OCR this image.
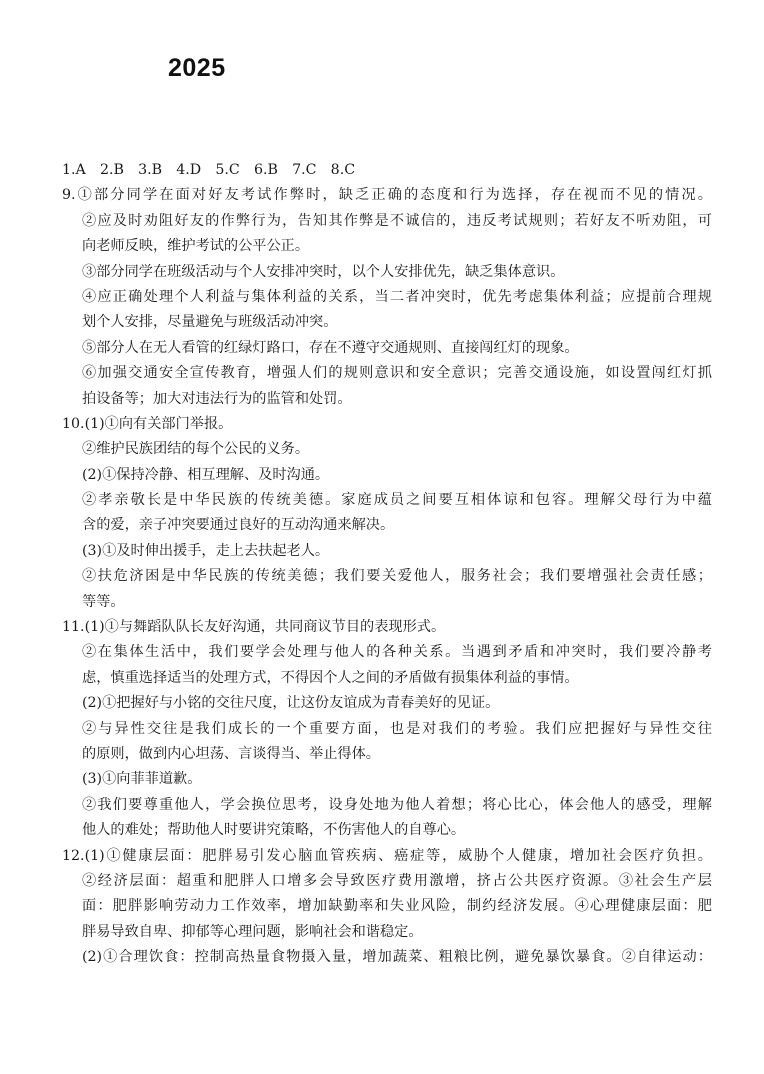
2025
1.A　2.B　3.B　4.D　5.C　6.B　7.C　8.C
9.①部分同学在面对好友考试作弊时，缺乏正确的态度和行为选择，存在视而不见的情况。
②应及时劝阻好友的作弊行为，告知其作弊是不诚信的，违反考试规则；若好友不听劝阻，可
向老师反映，维护考试的公平公正。
③部分同学在班级活动与个人安排冲突时，以个人安排优先，缺乏集体意识。
④应正确处理个人利益与集体利益的关系，当二者冲突时，优先考虑集体利益；应提前合理规
划个人安排，尽量避免与班级活动冲突。
⑤部分人在无人看管的红绿灯路口，存在不遵守交通规则、直接闯红灯的现象。
⑥加强交通安全宣传教育，增强人们的规则意识和安全意识；完善交通设施，如设置闯红灯抓
拍设备等；加大对违法行为的监管和处罚。
10.(1)①向有关部门举报。
②维护民族团结的每个公民的义务。
(2)①保持冷静、相互理解、及时沟通。
②孝亲敬长是中华民族的传统美德。家庭成员之间要互相体谅和包容。理解父母行为中蕴
含的爱，亲子冲突要通过良好的互动沟通来解决。
(3)①及时伸出援手，走上去扶起老人。
②扶危济困是中华民族的传统美德；我们要关爱他人，服务社会；我们要增强社会责任感；
等等。
11.(1)①与舞蹈队队长友好沟通，共同商议节目的表现形式。
②在集体生活中，我们要学会处理与他人的各种关系。当遇到矛盾和冲突时，我们要冷静考
虑，慎重选择适当的处理方式，不得因个人之间的矛盾做有损集体利益的事情。
(2)①把握好与小铭的交往尺度，让这份友谊成为青春美好的见证。
②与异性交往是我们成长的一个重要方面，也是对我们的考验。我们应把握好与异性交往
的原则，做到内心坦荡、言谈得当、举止得体。
(3)①向菲菲道歉。
②我们要尊重他人，学会换位思考，设身处地为他人着想；将心比心，体会他人的感受，理解
他人的难处；帮助他人时要讲究策略，不伤害他人的自尊心。
12.(1)①健康层面：肥胖易引发心脑血管疾病、癌症等，威胁个人健康，增加社会医疗负担。
②经济层面：超重和肥胖人口增多会导致医疗费用激增，挤占公共医疗资源。③社会生产层
面：肥胖影响劳动力工作效率，增加缺勤率和失业风险，制约经济发展。④心理健康层面：肥
胖易导致自卑、抑郁等心理问题，影响社会和谐稳定。
(2)①合理饮食：控制高热量食物摄入量，增加蔬菜、粗粮比例，避免暴饮暴食。②自律运动：
